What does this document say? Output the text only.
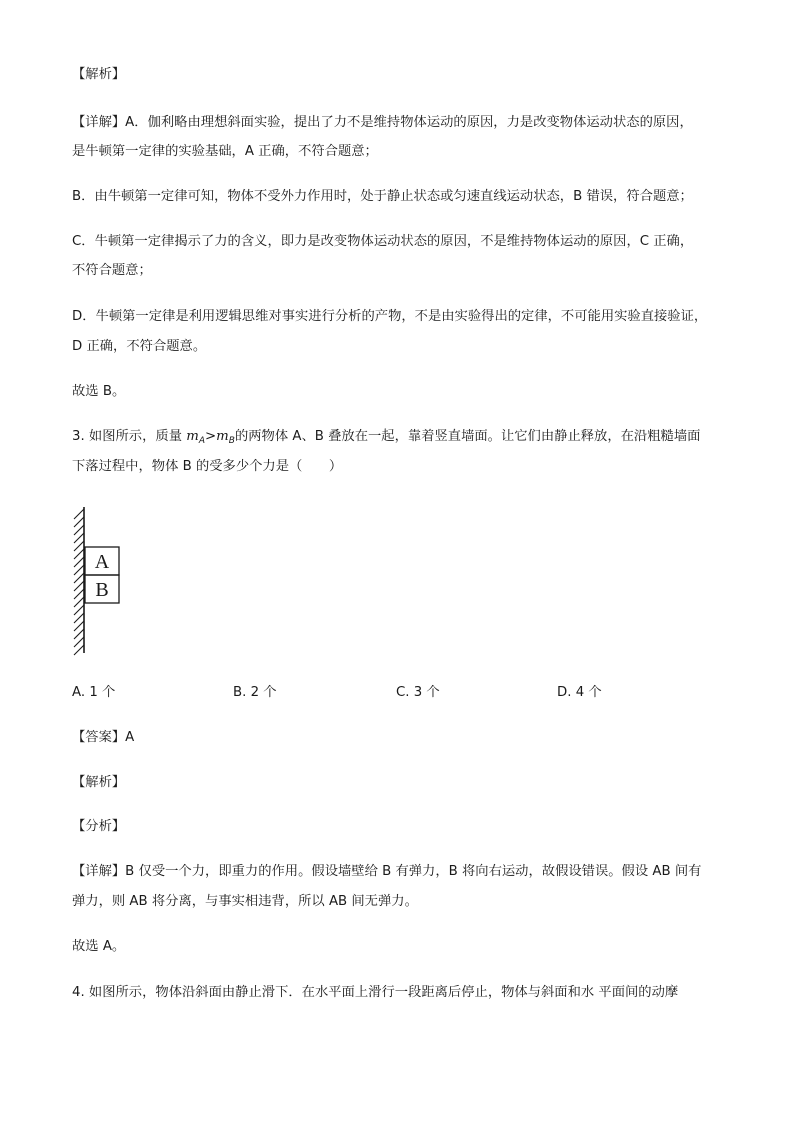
【解析】
【详解】A．伽利略由理想斜面实验，提出了力不是维持物体运动的原因，力是改变物体运动状态的原因，
是牛顿第一定律的实验基础，A 正确，不符合题意；
B．由牛顿第一定律可知，物体不受外力作用时，处于静止状态或匀速直线运动状态，B 错误，符合题意；
C．牛顿第一定律揭示了力的含义，即力是改变物体运动状态的原因，不是维持物体运动的原因，C 正确，
不符合题意；
D．牛顿第一定律是利用逻辑思维对事实进行分析的产物，不是由实验得出的定律，不可能用实验直接验证，
D 正确，不符合题意。
故选 B。
3. 如图所示，质量 $m_A>m_B$的两物体 A、B 叠放在一起，靠着竖直墙面。让它们由静止释放，在沿粗糙墙面
下落过程中，物体 B 的受多少个力是（　　）
A
B
A. 1 个	B. 2 个	C. 3 个	D. 4 个
【答案】A
【解析】
【分析】
【详解】B 仅受一个力，即重力的作用。假设墙壁给 B 有弹力，B 将向右运动，故假设错误。假设 AB 间有
弹力，则 AB 将分离，与事实相违背，所以 AB 间无弹力。
故选 A。
4. 如图所示，物体沿斜面由静止滑下．在水平面上滑行一段距离后停止，物体与斜面和水 平面间的动摩
